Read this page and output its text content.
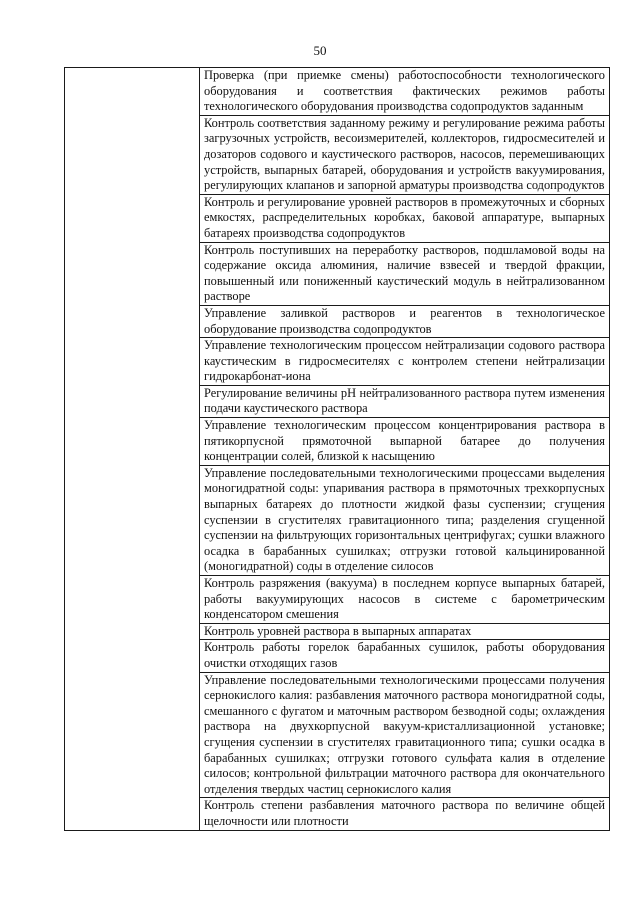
50

Проверка (при приемке смены) работоспособности технологического оборудования и соответствия фактических режимов работы технологического оборудования производства содопродуктов заданным
Контроль соответствия заданному режиму и регулирование режима работы загрузочных устройств, весоизмерителей, коллекторов, гидросмесителей и дозаторов содового и каустического растворов, насосов, перемешивающих устройств, выпарных батарей, оборудования и устройств вакуумирования, регулирующих клапанов и запорной арматуры производства содопродуктов
Контроль и регулирование уровней растворов в промежуточных и сборных емкостях, распределительных коробках, баковой аппаратуре, выпарных батареях производства содопродуктов
Контроль поступивших на переработку растворов, подшламовой воды на содержание оксида алюминия, наличие взвесей и твердой фракции, повышенный или пониженный каустический модуль в нейтрализованном растворе
Управление заливкой растворов и реагентов в технологическое оборудование производства содопродуктов
Управление технологическим процессом нейтрализации содового раствора каустическим в гидросмесителях с контролем степени нейтрализации гидрокарбонат-иона
Регулирование величины pH нейтрализованного раствора путем изменения подачи каустического раствора
Управление технологическим процессом концентрирования раствора в пятикорпусной прямоточной выпарной батарее до получения концентрации солей, близкой к насыщению
Управление последовательными технологическими процессами выделения моногидратной соды: упаривания раствора в прямоточных трехкорпусных выпарных батареях до плотности жидкой фазы суспензии; сгущения суспензии в сгустителях гравитационного типа; разделения сгущенной суспензии на фильтрующих горизонтальных центрифугах; сушки влажного осадка в барабанных сушилках; отгрузки готовой кальцинированной (моногидратной) соды в отделение силосов
Контроль разряжения (вакуума) в последнем корпусе выпарных батарей, работы вакуумирующих насосов в системе с барометрическим конденсатором смешения
Контроль уровней раствора в выпарных аппаратах
Контроль работы горелок барабанных сушилок, работы оборудования очистки отходящих газов
Управление последовательными технологическими процессами получения сернокислого калия: разбавления маточного раствора моногидратной соды, смешанного с фугатом и маточным раствором безводной соды; охлаждения раствора на двухкорпусной вакуум-кристаллизационной установке; сгущения суспензии в сгустителях гравитационного типа; сушки осадка в барабанных сушилках; отгрузки готового сульфата калия в отделение силосов; контрольной фильтрации маточного раствора для окончательного отделения твердых частиц сернокислого калия
Контроль степени разбавления маточного раствора по величине общей щелочности или плотности
